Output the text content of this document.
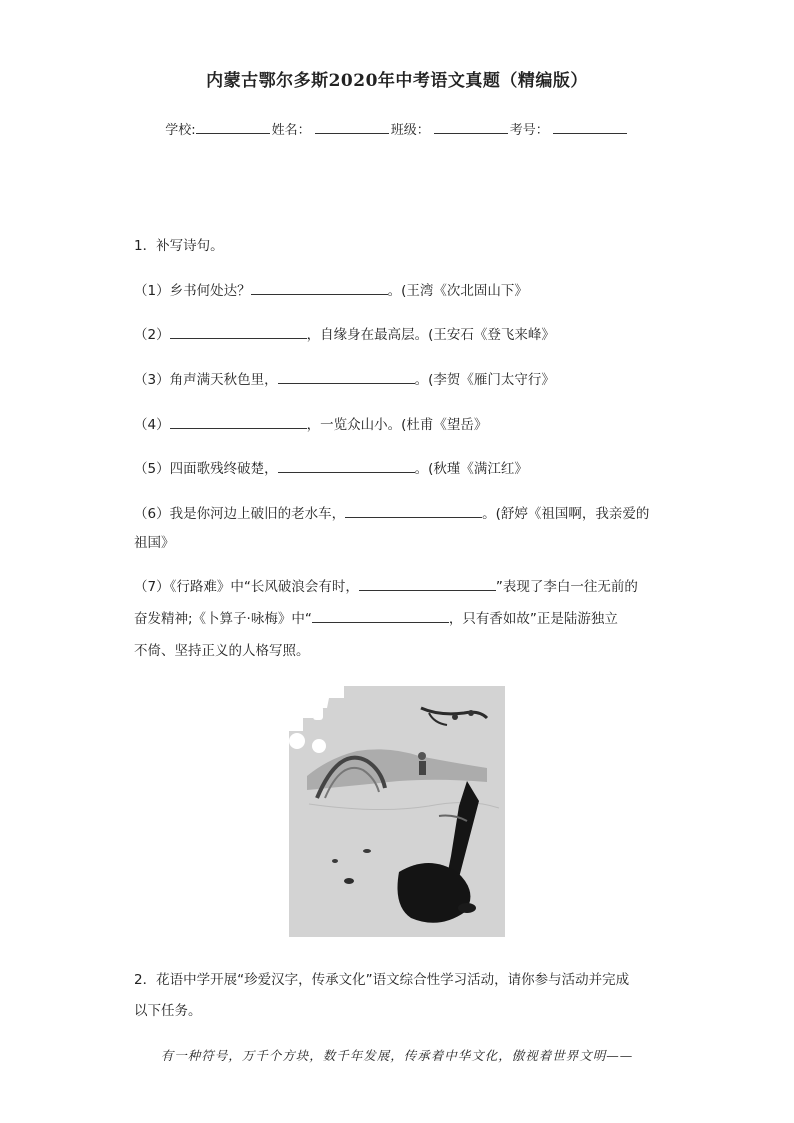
内蒙古鄂尔多斯2020年中考语文真题（精编版）
学校:	姓名：	班级：	考号：
1．补写诗句。
（1）乡书何处达？	。(王湾《次北固山下》
（2）	，自缘身在最高层。(王安石《登飞来峰》
（3）角声满天秋色里，	。(李贺《雁门太守行》
（4）	，一览众山小。(杜甫《望岳》
（5）四面歌残终破楚，	。(秋瑾《满江红》
（6）我是你河边上破旧的老水车，	。(舒婷《祖国啊，我亲爱的
祖国》
（7）《行路难》中“长风破浪会有时，	”表现了李白一往无前的
奋发精神;《卜算子·咏梅》中“	，只有香如故”正是陆游独立
不倚、坚持正义的人格写照。
2．花语中学开展“珍爱汉字，传承文化”语文综合性学习活动，请你参与活动并完成
以下任务。
有一种符号，万千个方块，数千年发展，传承着中华文化，傲视着世界文明——
